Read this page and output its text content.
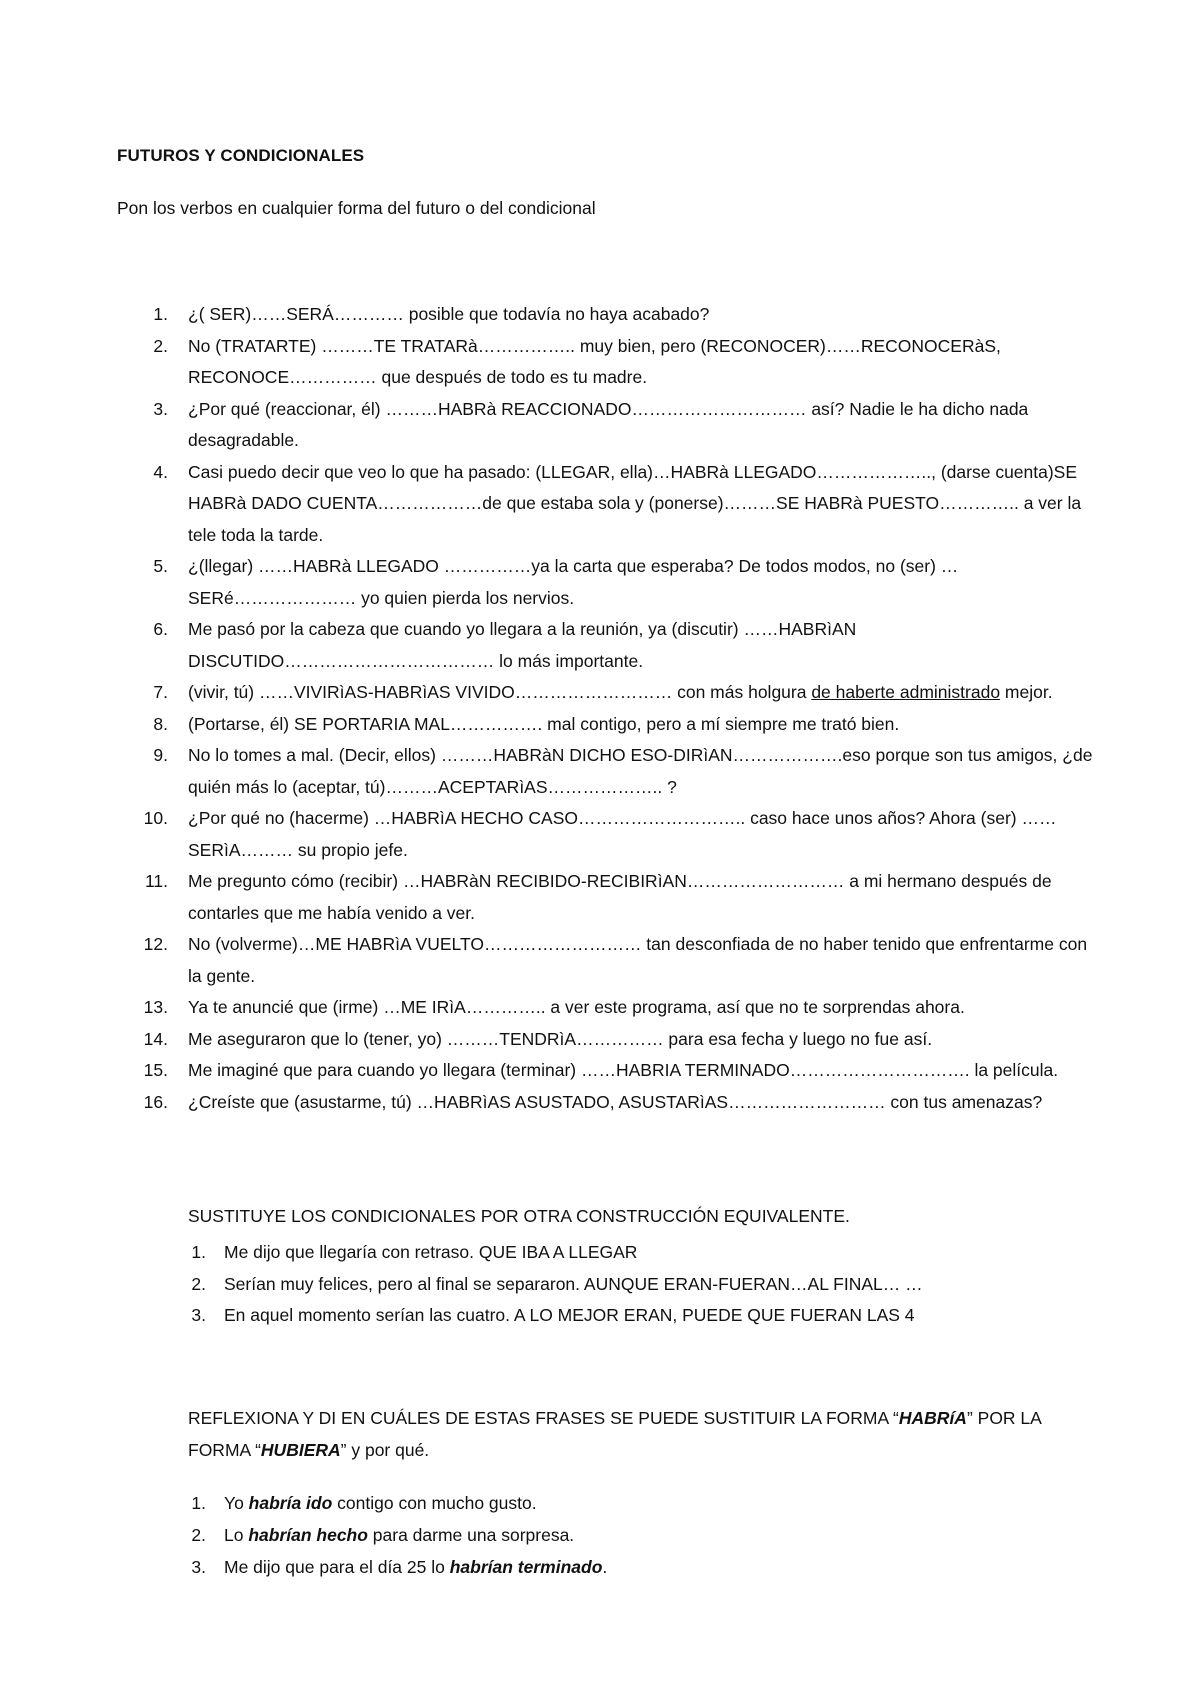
FUTUROS Y CONDICIONALES
Pon los verbos en cualquier forma del futuro o del condicional
1. ¿( SER)……SERÁ………… posible que todavía no haya acabado?
2. No (TRATARTE) ………TE TRATARà…………….. muy bien, pero (RECONOCER)……RECONOCERàS, RECONOCE…………… que después de todo es tu madre.
3. ¿Por qué (reaccionar, él) ………HABRà REACCIONADO………………………… así? Nadie le ha dicho nada desagradable.
4. Casi puedo decir que veo lo que ha pasado: (LLEGAR, ella)…HABRà LLEGADO……………….., (darse cuenta)SE HABRà DADO CUENTA………………de que estaba sola y (ponerse)………SE HABRà PUESTO………….. a ver la tele toda la tarde.
5. ¿(llegar) ……HABRà LLEGADO ……………ya la carta que esperaba? De todos modos, no (ser) … SERé………………… yo quien pierda los nervios.
6. Me pasó por la cabeza que cuando yo llegara a la reunión, ya (discutir) ……HABRìAN DISCUTIDO……………………………… lo más importante.
7. (vivir, tú) ……VIVIRìAS-HABRìAS VIVIDO……………………… con más holgura de haberte administrado mejor.
8. (Portarse, él) SE PORTARIA MAL……………. mal contigo, pero a mí siempre me trató bien.
9. No lo tomes a mal. (Decir, ellos) ………HABRàN DICHO ESO-DIRìAN……………….eso porque son tus amigos, ¿de quién más lo (aceptar, tú)………ACEPTARìAS……………….. ?
10. ¿Por qué no (hacerme) …HABRìA HECHO CASO……………………….. caso hace unos años? Ahora (ser) ……SERìA……… su propio jefe.
11. Me pregunto cómo (recibir) …HABRàN RECIBIDO-RECIBIRìAN……………………… a mi hermano después de contarles que me había venido a ver.
12. No (volverme)…ME HABRìA VUELTO……………………… tan desconfiada de no haber tenido que enfrentarme con la gente.
13. Ya te anuncié que (irme) …ME IRìA………….. a ver este programa, así que no te sorprendas ahora.
14. Me aseguraron que lo (tener, yo) ………TENDRìA…………… para esa fecha y luego no fue así.
15. Me imaginé que para cuando yo llegara (terminar) ……HABRIA TERMINADO…………………………. la película.
16. ¿Creíste que (asustarme, tú) …HABRìAS ASUSTADO, ASUSTARìAS……………………… con tus amenazas?
SUSTITUYE LOS CONDICIONALES POR OTRA CONSTRUCCIÓN EQUIVALENTE.
1. Me dijo que llegaría con retraso. QUE IBA A LLEGAR
2. Serían muy felices, pero al final se separaron. AUNQUE ERAN-FUERAN…AL FINAL… …
3. En aquel momento serían las cuatro. A LO MEJOR ERAN, PUEDE QUE FUERAN LAS 4
REFLEXIONA Y DI EN CUÁLES DE ESTAS FRASES SE PUEDE SUSTITUIR LA FORMA “HABRíA” POR LA FORMA “HUBIERA” y por qué.
1. Yo habría ido contigo con mucho gusto.
2. Lo habrían hecho para darme una sorpresa.
3. Me dijo que para el día 25 lo habrían terminado.
